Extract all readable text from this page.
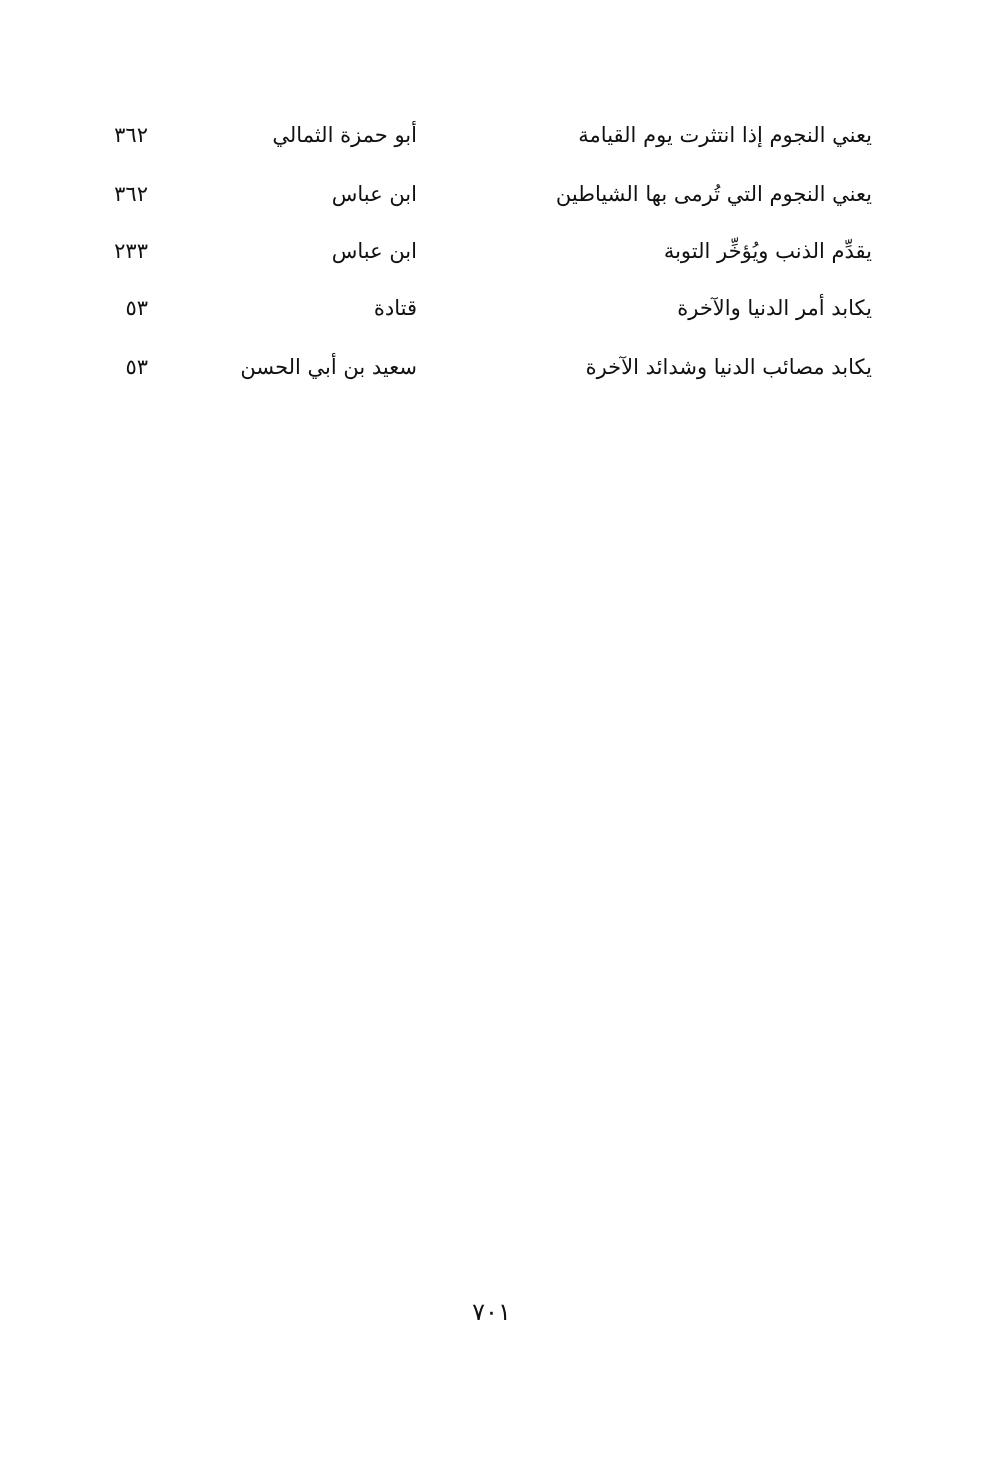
يعني النجوم إذا انتثرت يوم القيامة
أبو حمزة الثمالي
٣٦٢
يعني النجوم التي تُرمى بها الشياطين
ابن عباس
٣٦٢
يقدِّم الذنب ويُؤخِّر التوبة
ابن عباس
٢٣٣
يكابد أمر الدنيا والآخرة
قتادة
٥٣
يكابد مصائب الدنيا وشدائد الآخرة
سعيد بن أبي الحسن
٥٣
٧٠١
